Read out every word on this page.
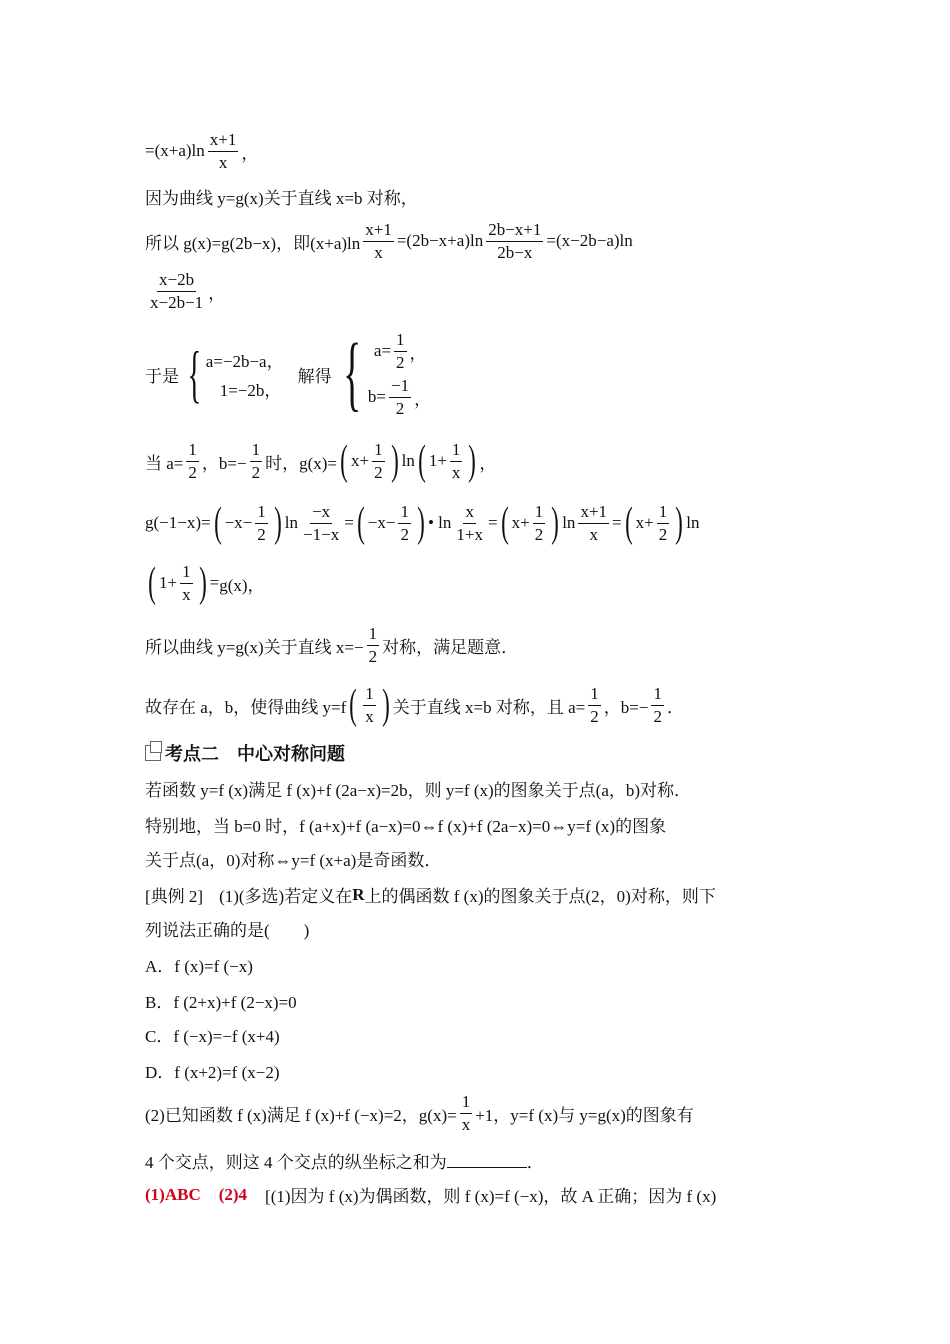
$=(x+a)\ln \frac{x+1}{x}$ ，
因为曲线 y=g(x)关于直线 x=b 对称，
所以 g(x)=g(2b−x)，即$(x+a)\ln \frac{x+1}{x} =(2b-x+a)\ln \frac{2b-x+1}{2b-x} =(x-2b-a)\ln$
$\frac{x-2b}{x-2b-1}$ ，
于是 { a=−2b−a，
1=−2b，
解得 { $a= \frac{1}{2}$ ，
$b= \frac{-1}{2}$ ，
当 $a= \frac{1}{2}$ ，$b=- \frac{1}{2}$ 时，g(x)= ( $x+ \frac{1}{2}$ ) ln ( $1+ \frac{1}{x}$ ) ，
g(−1−x)= ( $-x- \frac{1}{2}$ ) $\ln \frac{-x}{-1-x}$ = ( $-x- \frac{1}{2}$ ) • $\ln \frac{x}{1+x}$ = ( $x+ \frac{1}{2}$ ) $\ln \frac{x+1}{x}$ = ( $x+ \frac{1}{2}$ ) ln
( $1+ \frac{1}{x}$ ) = g(x)，
所以曲线 y=g(x)关于直线 $x=- \frac{1}{2}$ 对称，满足题意．
故存在 a，b，使得曲线 y=f ( $\frac{1}{x}$ ) 关于直线 x=b 对称，且 $a= \frac{1}{2}$ ，$b=- \frac{1}{2}$ ．
考点二　中心对称问题
若函数 y=f (x)满足 f (x)+f (2a−x)=2b，则 y=f (x)的图象关于点(a，b)对称．
特别地，当 b=0 时，f (a+x)+f (a−x)=0⇔f (x)+f (2a−x)=0⇔y=f (x)的图象
关于点(a，0)对称⇔y=f (x+a)是奇函数．
[典例 2] (1)(多选)若定义在 R 上的偶函数 f (x)的图象关于点(2，0)对称，则下
列说法正确的是(　　)
A．f (x)=f (−x)
B．f (2+x)+f (2−x)=0
C．f (−x)=−f (x+4)
D．f (x+2)=f (x−2)
(2)已知函数 f (x)满足 f (x)+f (−x)=2，$g(x)= \frac{1}{x} +1$，y=f (x)与 y=g(x)的图象有
4 个交点，则这 4 个交点的纵坐标之和为	．
(1)ABC (2)4 [(1)因为 f (x)为偶函数，则 f (x)=f (−x)，故 A 正确；因为 f (x)
